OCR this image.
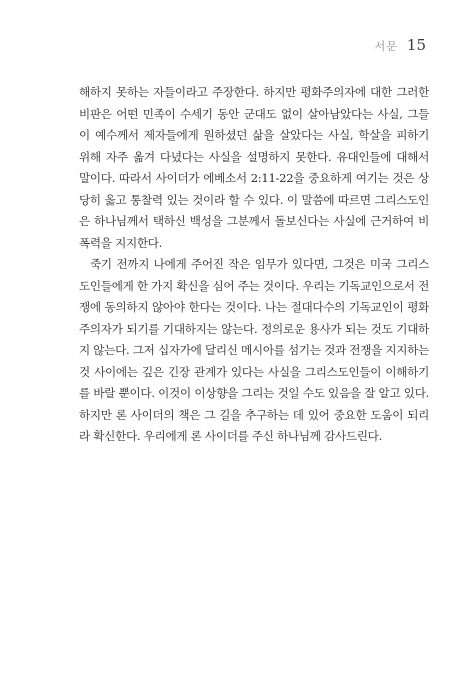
서문 15
해하지 못하는 자들이라고 주장한다. 하지만 평화주의자에 대한 그러한
비판은 어떤 민족이 수세기 동안 군대도 없이 살아남았다는 사실, 그들
이 예수께서 제자들에게 원하셨던 삶을 살았다는 사실, 학살을 피하기
위해 자주 옮겨 다녔다는 사실을 설명하지 못한다. 유대인들에 대해서
말이다. 따라서 사이더가 에베소서 2:11-22을 중요하게 여기는 것은 상
당히 옳고 통찰력 있는 것이라 할 수 있다. 이 말씀에 따르면 그리스도인
은 하나님께서 택하신 백성을 그분께서 돌보신다는 사실에 근거하여 비
폭력을 지지한다.
죽기 전까지 나에게 주어진 작은 임무가 있다면, 그것은 미국 그리스
도인들에게 한 가지 확신을 심어 주는 것이다. 우리는 기독교인으로서 전
쟁에 동의하지 않아야 한다는 것이다. 나는 절대다수의 기독교인이 평화
주의자가 되기를 기대하지는 않는다. 정의로운 용사가 되는 것도 기대하
지 않는다. 그저 십자가에 달리신 메시아를 섬기는 것과 전쟁을 지지하는
것 사이에는 깊은 긴장 관계가 있다는 사실을 그리스도인들이 이해하기
를 바랄 뿐이다. 이것이 이상향을 그리는 것일 수도 있음을 잘 알고 있다.
하지만 론 사이더의 책은 그 길을 추구하는 데 있어 중요한 도움이 되리
라 확신한다. 우리에게 론 사이더를 주신 하나님께 감사드린다.
